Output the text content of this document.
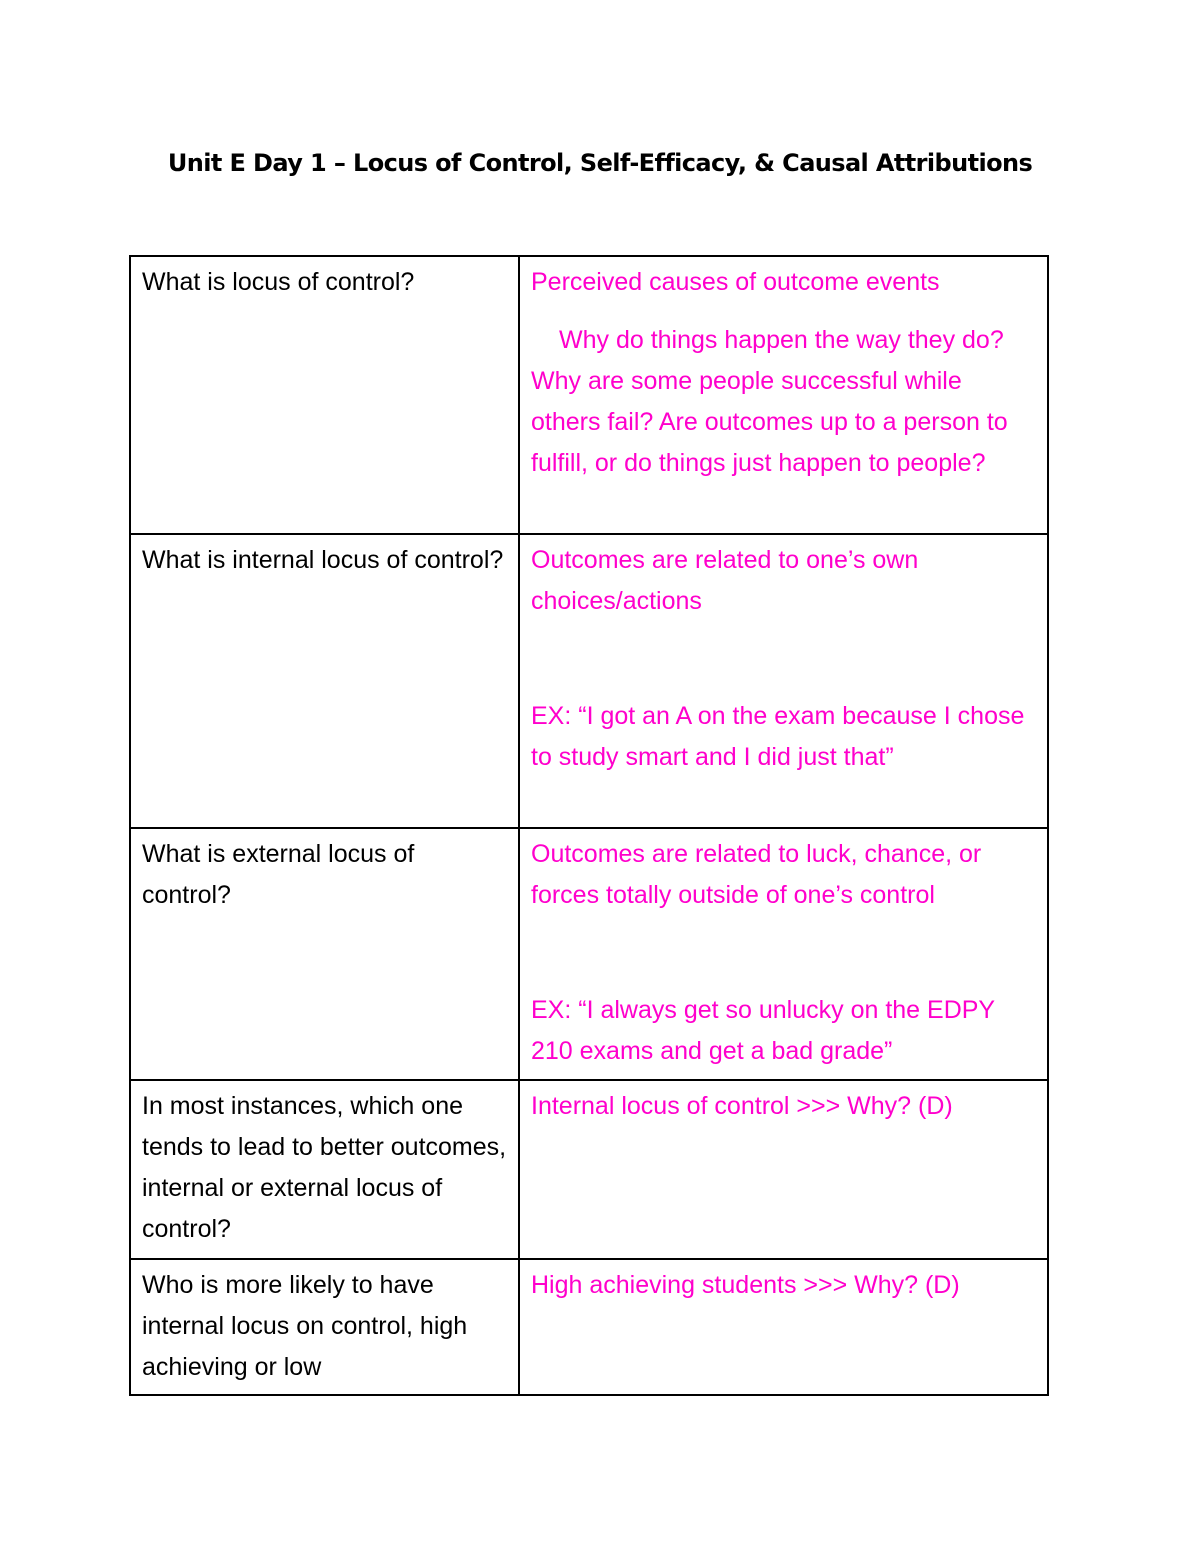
Unit E Day 1 – Locus of Control, Self-Efficacy, & Causal Attributions

What is locus of control?	Perceived causes of outcome events

Why do things happen the way they do? Why are some people successful while others fail? Are outcomes up to a person to fulfill, or do things just happen to people?

What is internal locus of control?	Outcomes are related to one’s own choices/actions

EX: “I got an A on the exam because I chose to study smart and I did just that”

What is external locus of control?	Outcomes are related to luck, chance, or forces totally outside of one’s control

EX: “I always get so unlucky on the EDPY 210 exams and get a bad grade”

In most instances, which one tends to lead to better outcomes, internal or external locus of control?	Internal locus of control >>> Why? (D)

Who is more likely to have internal locus on control, high achieving or low	High achieving students >>> Why? (D)
